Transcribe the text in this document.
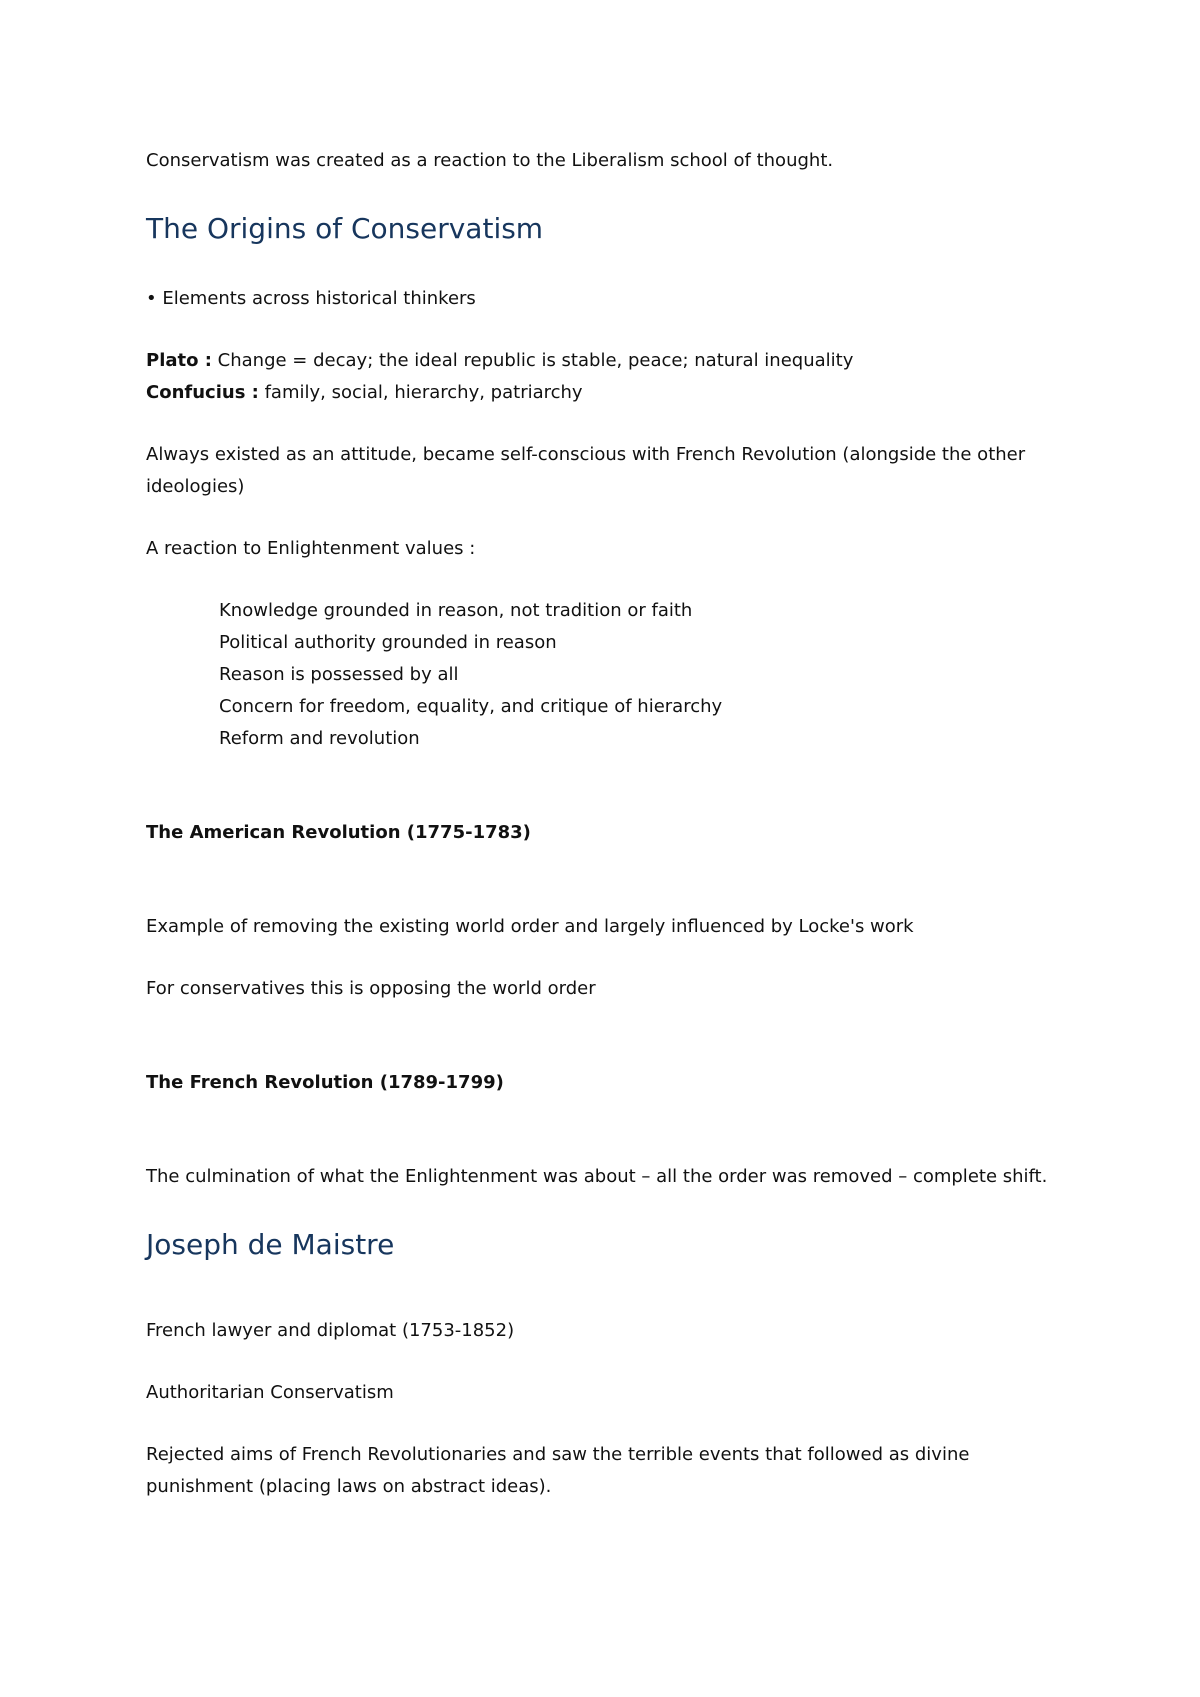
Conservatism was created as a reaction to the Liberalism school of thought.

The Origins of Conservatism

• Elements across historical thinkers

Plato : Change = decay; the ideal republic is stable, peace; natural inequality

Confucius : family, social, hierarchy, patriarchy

Always existed as an attitude, became self-conscious with French Revolution (alongside the other

ideologies)

A reaction to Enlightenment values :

Knowledge grounded in reason, not tradition or faith

Political authority grounded in reason

Reason is possessed by all

Concern for freedom, equality, and critique of hierarchy

Reform and revolution

The American Revolution (1775-1783)

Example of removing the existing world order and largely influenced by Locke's work

For conservatives this is opposing the world order

The French Revolution (1789-1799)

The culmination of what the Enlightenment was about – all the order was removed – complete shift.

Joseph de Maistre

French lawyer and diplomat (1753-1852)

Authoritarian Conservatism

Rejected aims of French Revolutionaries and saw the terrible events that followed as divine

punishment (placing laws on abstract ideas).
